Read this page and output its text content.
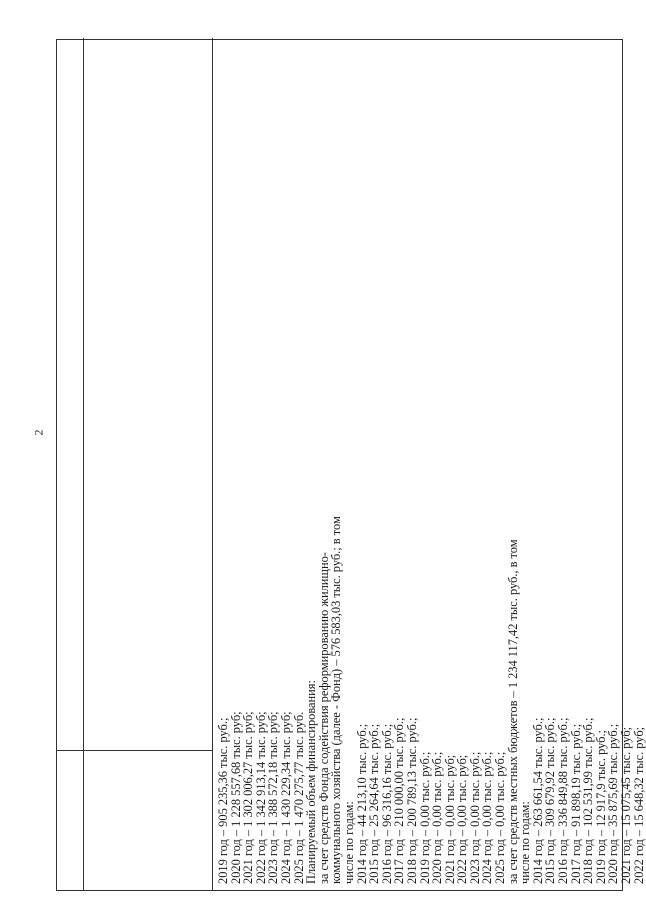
2
2019 год – 905 235,36 тыс. руб.;
2020 год – 1 228 557,68 тыс. руб;
2021 год – 1 302 006,27 тыс. руб;
2022 год – 1 342 913,14 тыс. руб;
2023 год – 1 388 572,18 тыс. руб;
2024 год – 1 430 229,34 тыс. руб;
2025 год – 1 470 275,77 тыс. руб.
Планируемый объем финансирования:
за счет средств Фонда содействия реформированию жилищно-
коммунального хозяйства (далее - Фонд) – 576 583,03 тыс. руб.; в том
числе по годам:
2014 год – 44 213,10 тыс. руб.;
2015 год – 25 264,64 тыс. руб.;
2016 год – 96 316,16 тыс. руб.;
2017 год – 210 000,00 тыс. руб.;
2018 год – 200 789,13 тыс. руб.;
2019 год – 0,00 тыс. руб.;
2020 год – 0,00 тыс. руб.;
2021 год – 0,00 тыс. руб;
2022 год – 0,00 тыс. руб;
2023 год – 0,00 тыс. руб.;
2024 год – 0,00 тыс. руб.;
2025 год – 0,00 тыс. руб.;
за счет средств местных бюджетов – 1 234 117,42 тыс. руб., в том
числе по годам:
2014 год – 263 661,54 тыс. руб.;
2015 год – 309 679,92 тыс. руб.;
2016 год – 336 849,88 тыс. руб.;
2017 год – 91 898,19 тыс. руб.;
2018 год – 102 531,99 тыс. руб.;
2019 год – 12 917,9 тыс. руб.;
2020 год – 35 875,69 тыс. руб.;
2021 год – 15 075,45 тыс. руб;
2022 год – 15 648,32 тыс. руб;
